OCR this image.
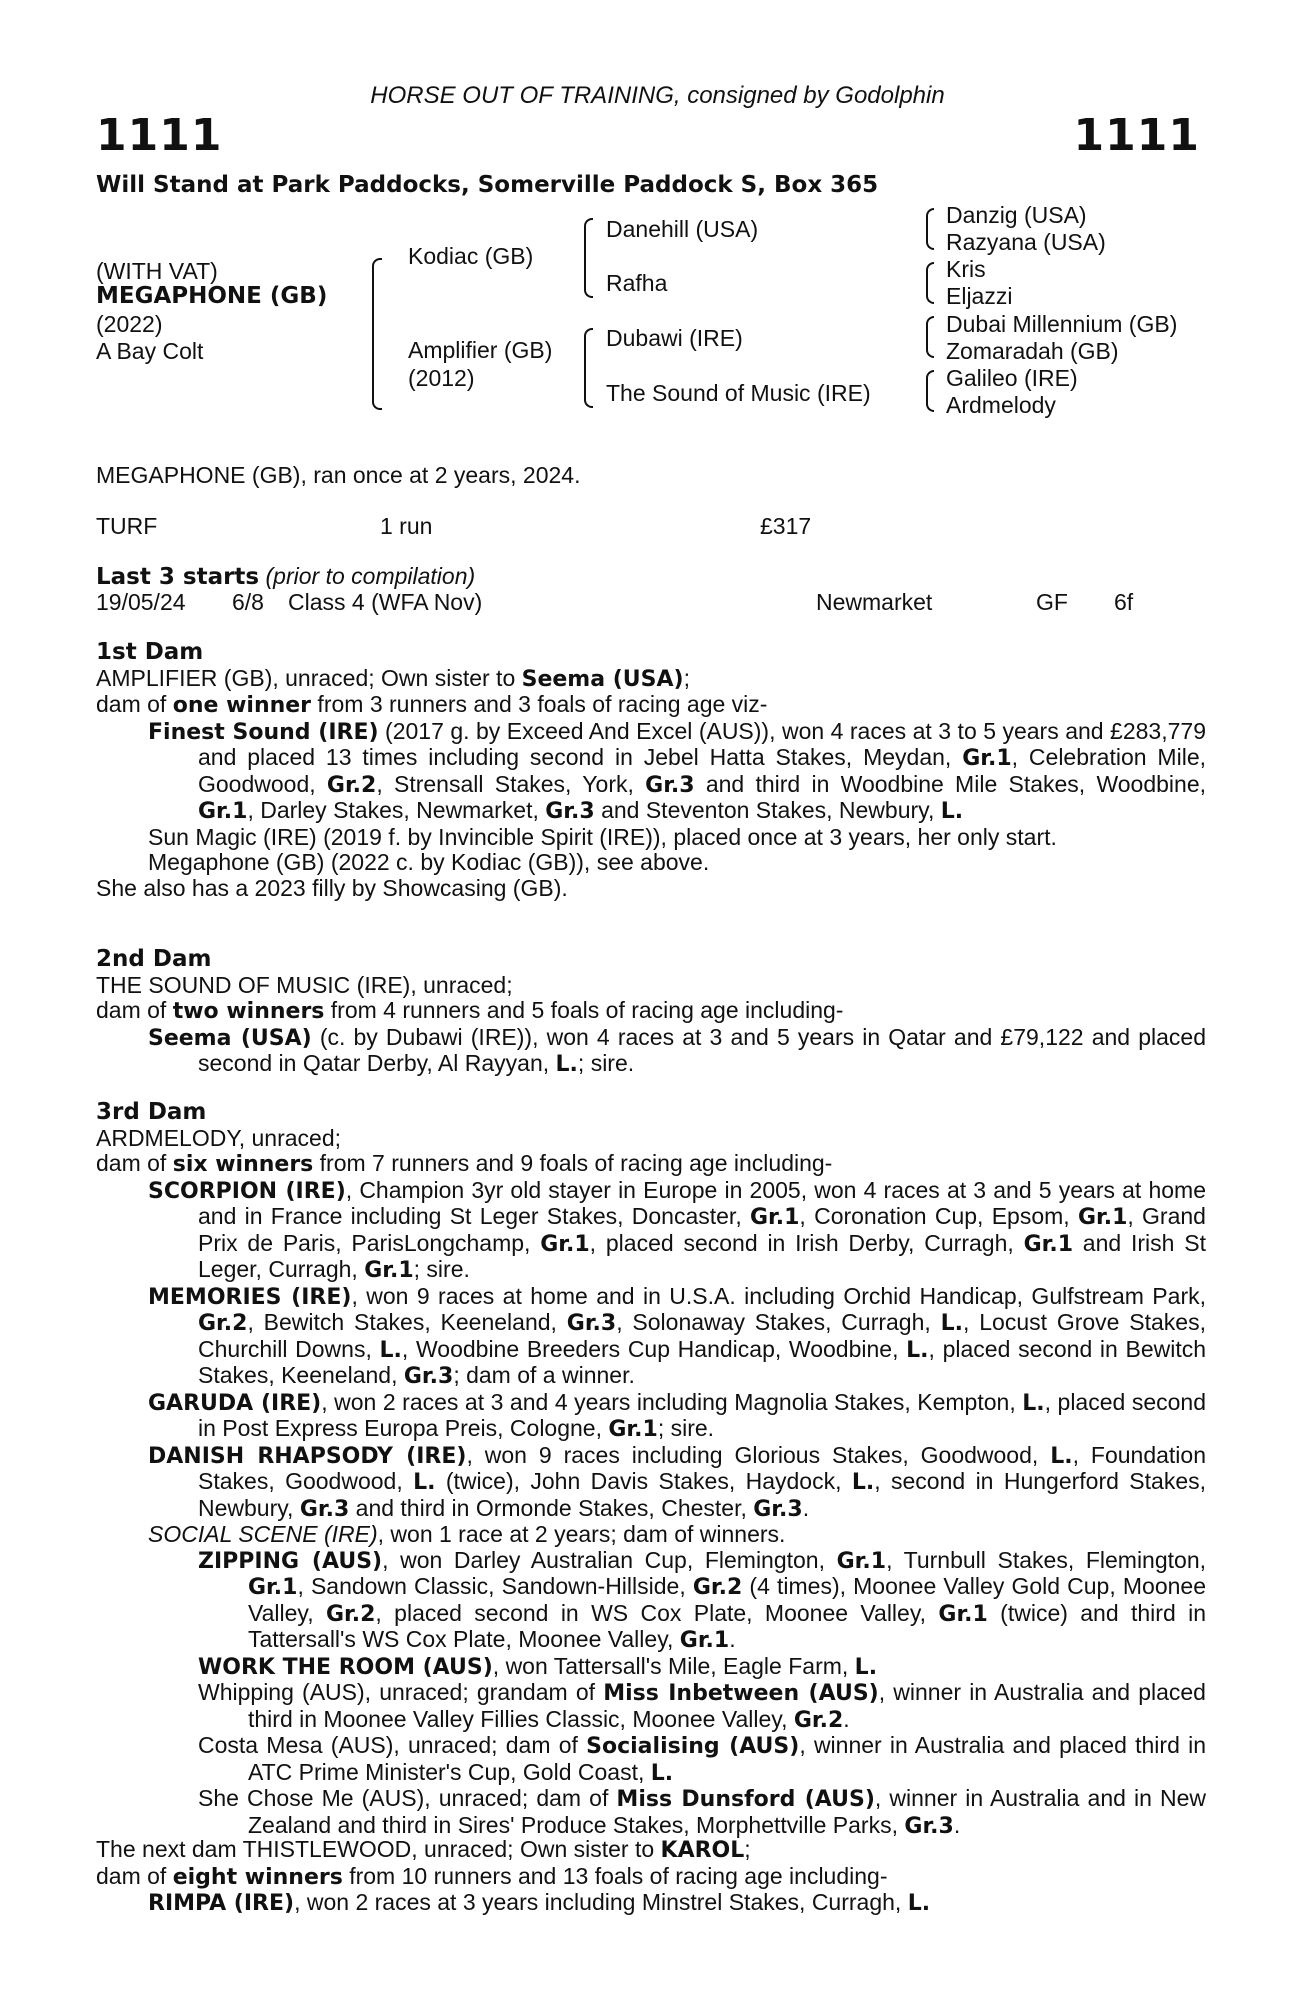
HORSE OUT OF TRAINING, consigned by Godolphin
1111	1111
Will Stand at Park Paddocks, Somerville Paddock S, Box 365
(WITH VAT)
MEGAPHONE (GB)
(2022)
A Bay Colt
Kodiac (GB)
Amplifier (GB)
(2012)
Danehill (USA)
Rafha
Dubawi (IRE)
The Sound of Music (IRE)
Danzig (USA)
Razyana (USA)
Kris
Eljazzi
Dubai Millennium (GB)
Zomaradah (GB)
Galileo (IRE)
Ardmelody
MEGAPHONE (GB), ran once at 2 years, 2024.
TURF	1 run	£317
Last 3 starts (prior to compilation)
19/05/24 6/8 Class 4 (WFA Nov)	Newmarket	GF 6f

1st Dam

AMPLIFIER (GB), unraced; Own sister to Seema (USA);

dam of one winner from 3 runners and 3 foals of racing age viz-

Finest Sound (IRE) (2017 g. by Exceed And Excel (AUS)), won 4 races at 3 to 5 years and £283,779 and placed 13 times including second in Jebel Hatta Stakes, Meydan, Gr.1, Celebration Mile, Goodwood, Gr.2, Strensall Stakes, York, Gr.3 and third in Woodbine Mile Stakes, Woodbine, Gr.1, Darley Stakes, Newmarket, Gr.3 and Steventon Stakes, Newbury, L.

Sun Magic (IRE) (2019 f. by Invincible Spirit (IRE)), placed once at 3 years, her only start.

Megaphone (GB) (2022 c. by Kodiac (GB)), see above.

She also has a 2023 filly by Showcasing (GB).

2nd Dam

THE SOUND OF MUSIC (IRE), unraced;

dam of two winners from 4 runners and 5 foals of racing age including-

Seema (USA) (c. by Dubawi (IRE)), won 4 races at 3 and 5 years in Qatar and £79,122 and placed second in Qatar Derby, Al Rayyan, L.; sire.

3rd Dam

ARDMELODY, unraced;

dam of six winners from 7 runners and 9 foals of racing age including-

SCORPION (IRE), Champion 3yr old stayer in Europe in 2005, won 4 races at 3 and 5 years at home and in France including St Leger Stakes, Doncaster, Gr.1, Coronation Cup, Epsom, Gr.1, Grand Prix de Paris, ParisLongchamp, Gr.1, placed second in Irish Derby, Curragh, Gr.1 and Irish St Leger, Curragh, Gr.1; sire.

MEMORIES (IRE), won 9 races at home and in U.S.A. including Orchid Handicap, Gulfstream Park, Gr.2, Bewitch Stakes, Keeneland, Gr.3, Solonaway Stakes, Curragh, L., Locust Grove Stakes, Churchill Downs, L., Woodbine Breeders Cup Handicap, Woodbine, L., placed second in Bewitch Stakes, Keeneland, Gr.3; dam of a winner.

GARUDA (IRE), won 2 races at 3 and 4 years including Magnolia Stakes, Kempton, L., placed second in Post Express Europa Preis, Cologne, Gr.1; sire.

DANISH RHAPSODY (IRE), won 9 races including Glorious Stakes, Goodwood, L., Foundation Stakes, Goodwood, L. (twice), John Davis Stakes, Haydock, L., second in Hungerford Stakes, Newbury, Gr.3 and third in Ormonde Stakes, Chester, Gr.3.

SOCIAL SCENE (IRE), won 1 race at 2 years; dam of winners.

ZIPPING (AUS), won Darley Australian Cup, Flemington, Gr.1, Turnbull Stakes, Flemington, Gr.1, Sandown Classic, Sandown-Hillside, Gr.2 (4 times), Moonee Valley Gold Cup, Moonee Valley, Gr.2, placed second in WS Cox Plate, Moonee Valley, Gr.1 (twice) and third in Tattersall's WS Cox Plate, Moonee Valley, Gr.1.

WORK THE ROOM (AUS), won Tattersall's Mile, Eagle Farm, L.

Whipping (AUS), unraced; grandam of Miss Inbetween (AUS), winner in Australia and placed third in Moonee Valley Fillies Classic, Moonee Valley, Gr.2.

Costa Mesa (AUS), unraced; dam of Socialising (AUS), winner in Australia and placed third in ATC Prime Minister's Cup, Gold Coast, L.

She Chose Me (AUS), unraced; dam of Miss Dunsford (AUS), winner in Australia and in New Zealand and third in Sires' Produce Stakes, Morphettville Parks, Gr.3.

The next dam THISTLEWOOD, unraced; Own sister to KAROL;

dam of eight winners from 10 runners and 13 foals of racing age including-

RIMPA (IRE), won 2 races at 3 years including Minstrel Stakes, Curragh, L.
